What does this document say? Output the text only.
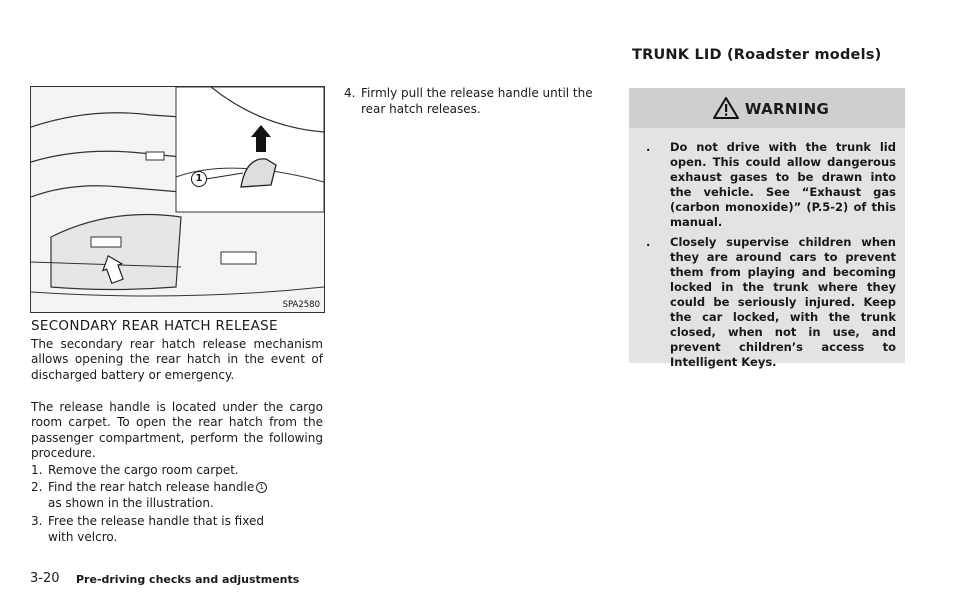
TRUNK LID (Roadster models)
1
SPA2580
SECONDARY REAR HATCH RELEASE

The secondary rear hatch release mechanism allows opening the rear hatch in the event of discharged battery or emergency.

The release handle is located under the cargo room carpet. To open the rear hatch from the passenger compartment, perform the following procedure.

1. Remove the cargo room carpet.
2. Find the rear hatch release handle 1
as shown in the illustration.
3. Free the release handle that is fixed
with velcro.
4. Firmly pull the release handle until the
rear hatch releases.	WARNING
. Do not drive with the trunk lid open. This could allow dangerous exhaust gases to be drawn into the vehicle. See “Exhaust gas (carbon monoxide)” (P.5-2) of this manual.
. Closely supervise children when they are around cars to prevent them from playing and becoming locked in the trunk where they could be seriously injured. Keep the car locked, with the trunk closed, when not in use, and prevent children’s access to Intelligent Keys.
3-20 Pre-driving checks and adjustments
